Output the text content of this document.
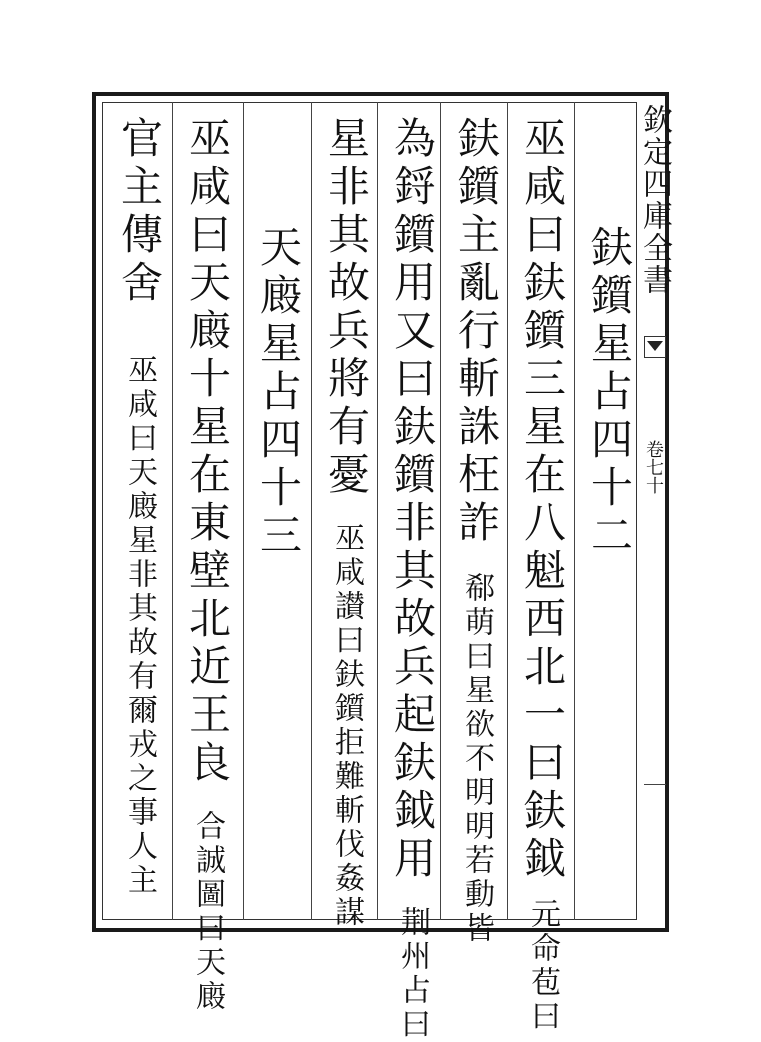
欽定四庫全書
卷七十
鈇鑕星占四十二
巫咸曰鈇鑕三星在八魁西北一曰鈇鉞元命苞曰
鈇鑕主亂行斬誅枉詐郗萌曰星欲不明明若動皆
為鋝鑕用又曰鈇鑕非其故兵起鈇鉞用荆州占曰
星非其故兵將有憂巫咸讃曰鈇鑕拒難斬伐姦謀
天廄星占四十三
巫咸曰天廄十星在東壁北近王良合誠圖曰天廄
官主傳舍巫咸曰天廄星非其故有爾戎之事人主
